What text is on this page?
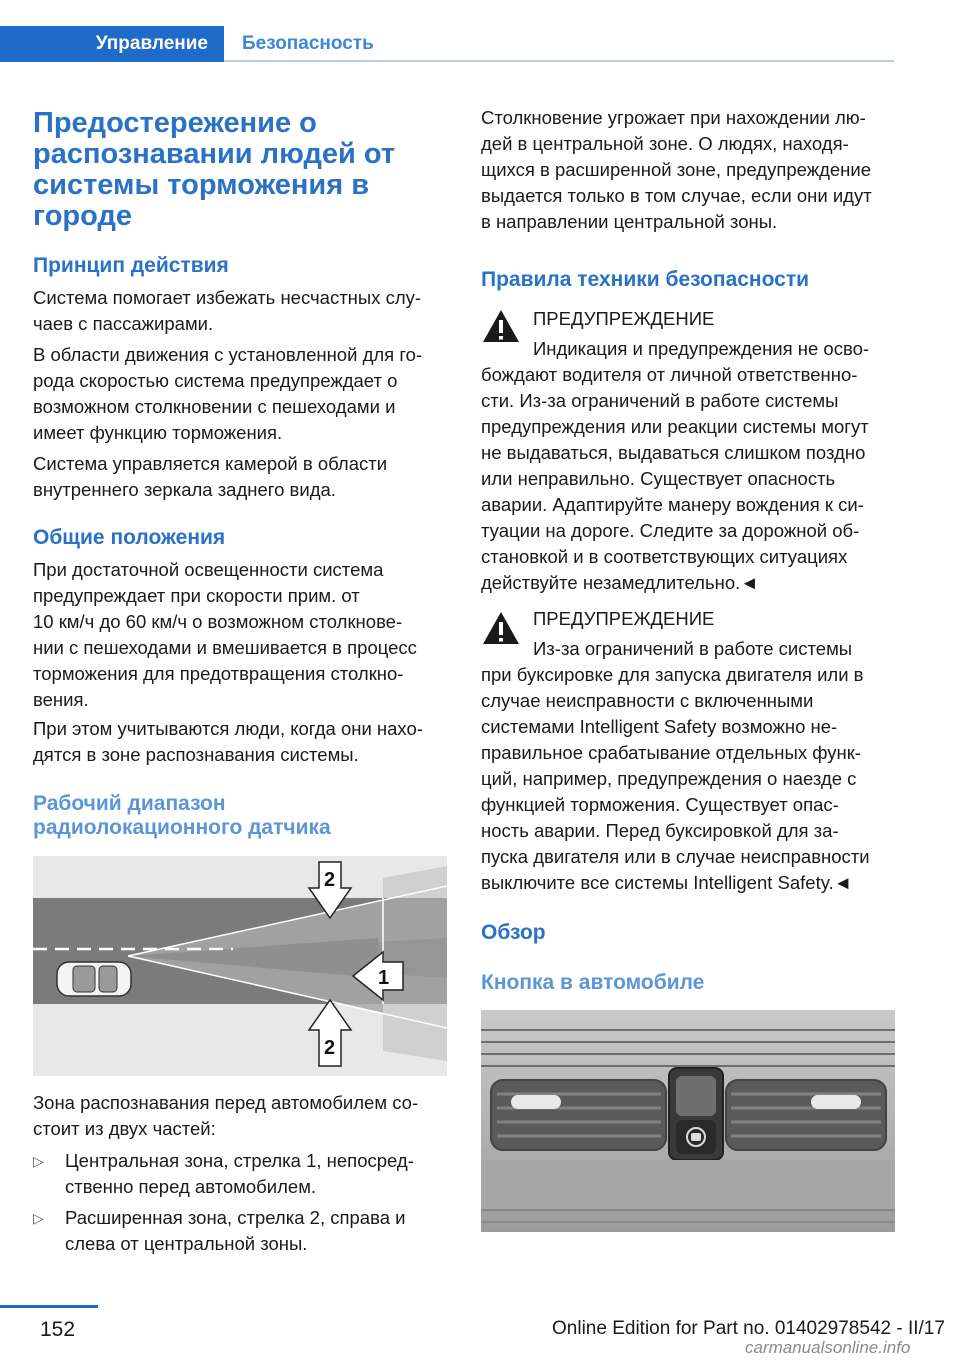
Управление	Безопасность
Предостережение о
распознавании людей от
системы торможения в
городе
Принцип действия

Система помогает избежать несчастных слу‐
чаев с пассажирами.

В области движения с установленной для го‐
рода скоростью система предупреждает о
возможном столкновении с пешеходами и
имеет функцию торможения.

Система управляется камерой в области
внутреннего зеркала заднего вида.

Общие положения

При достаточной освещенности система
предупреждает при скорости прим. от
10 км/ч до 60 км/ч о возможном столкнове‐
нии с пешеходами и вмешивается в процесс
торможения для предотвращения столкно‐
вения.

При этом учитываются люди, когда они нахо‐
дятся в зоне распознавания системы.

Рабочий диапазон
радиолокационного датчика
1
2
2

Зона распознавания перед автомобилем со‐
стоит из двух частей:

▷ Центральная зона, стрелка 1, непосред‐
ственно перед автомобилем.
▷ Расширенная зона, стрелка 2, справа и
слева от центральной зоны.

Столкновение угрожает при нахождении лю‐
дей в центральной зоне. О людях, находя‐
щихся в расширенной зоне, предупреждение
выдается только в том случае, если они идут
в направлении центральной зоны.

Правила техники безопасности
ПРЕДУПРЕЖДЕНИЕ

Индикация и предупреждения не осво‐
бождают водителя от личной ответственно‐
сти. Из-за ограничений в работе системы
предупреждения или реакции системы могут
не выдаваться, выдаваться слишком поздно
или неправильно. Существует опасность
аварии. Адаптируйте манеру вождения к си‐
туации на дороге. Следите за дорожной об‐
становкой и в соответствующих ситуациях
действуйте незамедлительно.◄

ПРЕДУПРЕЖДЕНИЕ

Из-за ограничений в работе системы
при буксировке для запуска двигателя или в
случае неисправности с включенными
системами Intelligent Safety возможно не‐
правильное срабатывание отдельных функ‐
ций, например, предупреждения о наезде с
функцией торможения. Существует опас‐
ность аварии. Перед буксировкой для за‐
пуска двигателя или в случае неисправности
выключите все системы Intelligent Safety.◄

Обзор
Кнопка в автомобиле
152	Online Edition for Part no. 01402978542 - II/17
carmanualsonline.info
